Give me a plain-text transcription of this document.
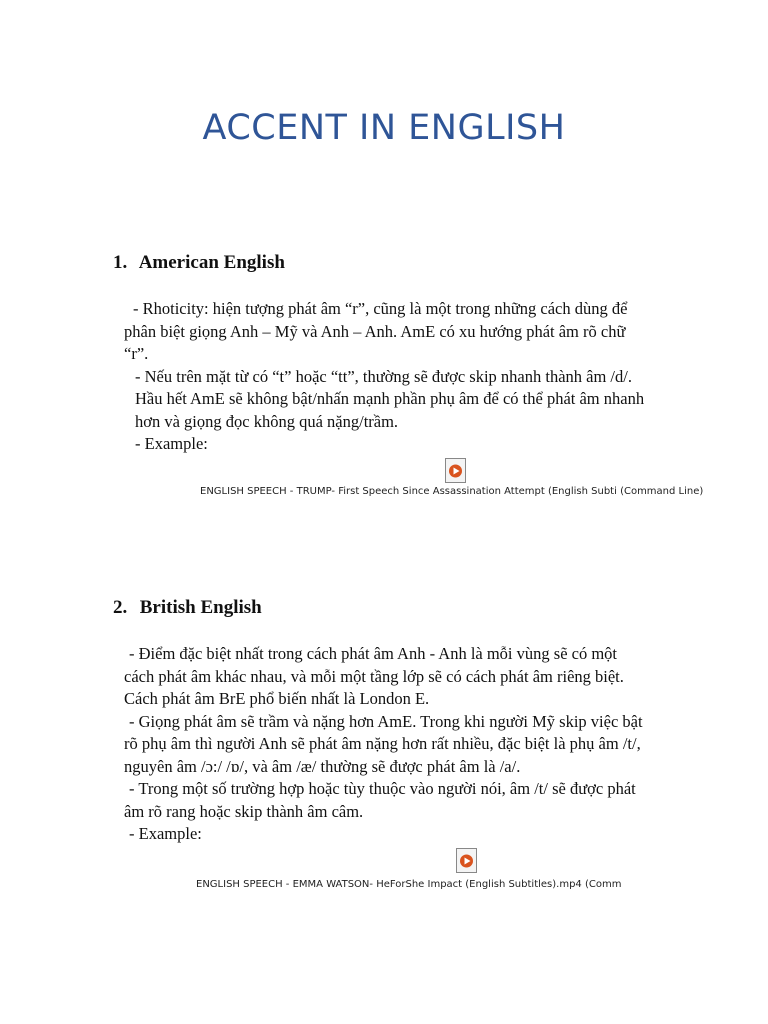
ACCENT IN ENGLISH
1. American English
- Rhoticity: hiện tượng phát âm “r”, cũng là một trong những cách dùng để
phân biệt giọng Anh – Mỹ và Anh – Anh. AmE có xu hướng phát âm rõ chữ
“r”.
- Nếu trên mặt từ có “t” hoặc “tt”, thường sẽ được skip nhanh thành âm /d/.
Hầu hết AmE sẽ không bật/nhấn mạnh phần phụ âm để có thể phát âm nhanh
hơn và giọng đọc không quá nặng/trầm.
- Example:
ENGLISH SPEECH - TRUMP- First Speech Since Assassination Attempt (English Subti (Command Line)
2. British English
- Điểm đặc biệt nhất trong cách phát âm Anh - Anh là mỗi vùng sẽ có một
cách phát âm khác nhau, và mỗi một tầng lớp sẽ có cách phát âm riêng biệt.
Cách phát âm BrE phổ biến nhất là London E.
- Giọng phát âm sẽ trầm và nặng hơn AmE. Trong khi người Mỹ skip việc bật
rõ phụ âm thì người Anh sẽ phát âm nặng hơn rất nhiều, đặc biệt là phụ âm /t/,
nguyên âm /ɔ:/ /ɒ/, và âm /æ/ thường sẽ được phát âm là /a/.
- Trong một số trường hợp hoặc tùy thuộc vào người nói, âm /t/ sẽ được phát
âm rõ rang hoặc skip thành âm câm.
- Example:
ENGLISH SPEECH - EMMA WATSON- HeForShe Impact (English Subtitles).mp4 (Comm
